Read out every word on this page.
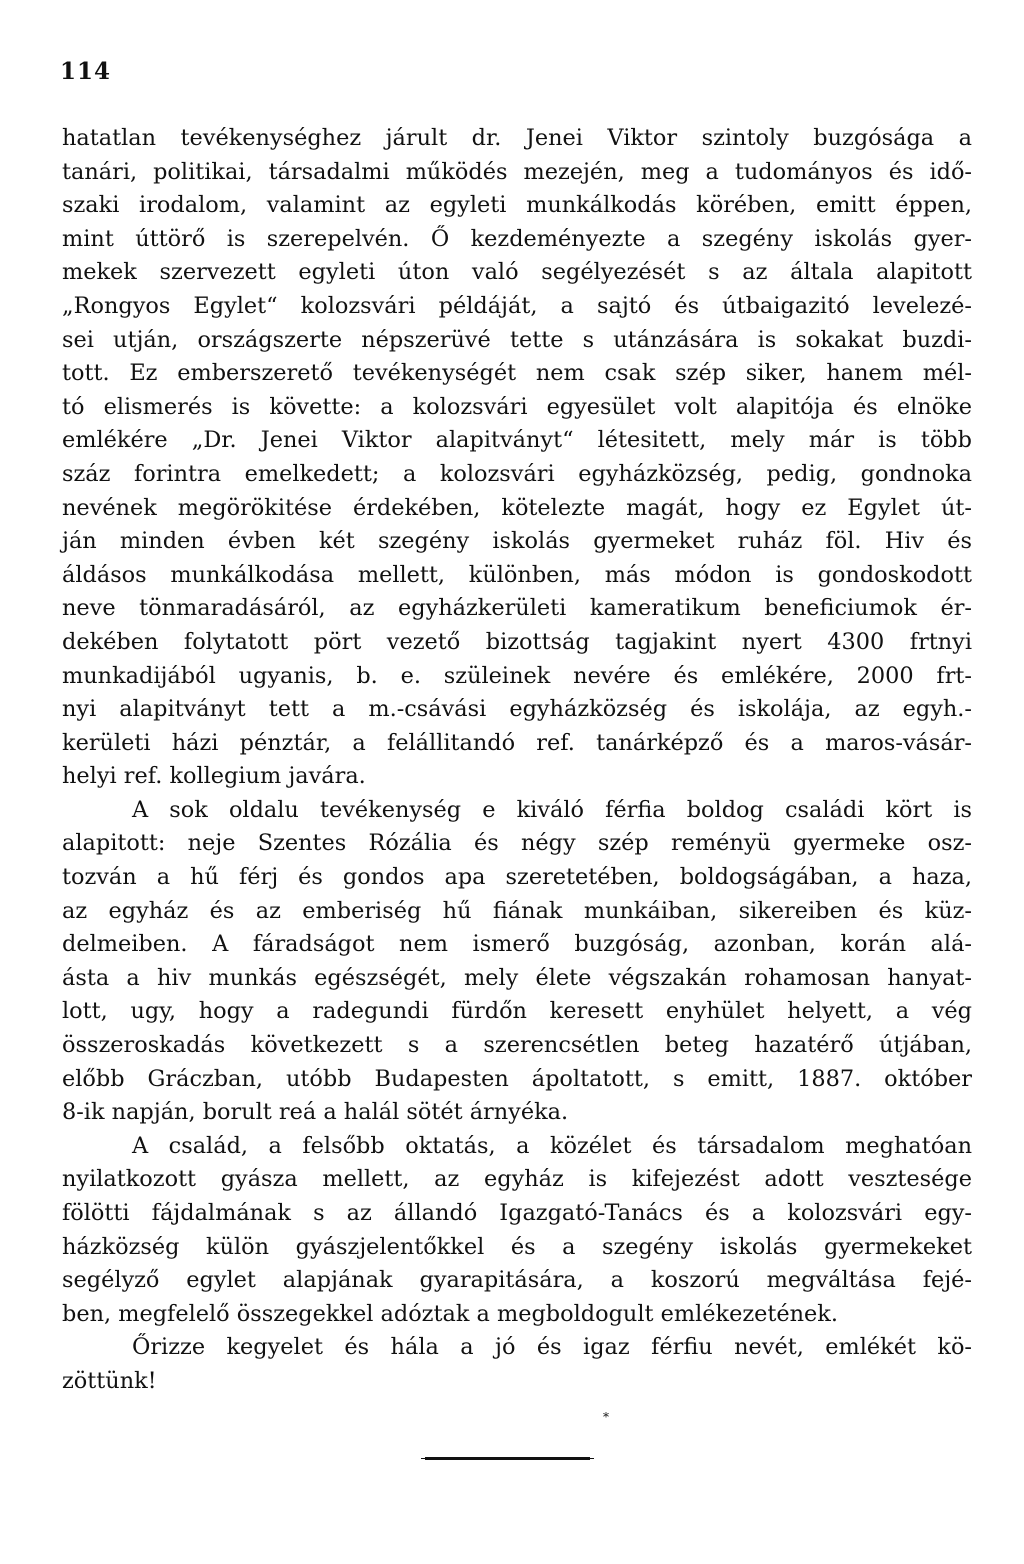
114
hatatlan tevékenységhez járult dr. Jenei Viktor szintoly buzgósága a
tanári, politikai, társadalmi működés mezején, meg a tudományos és idő-
szaki irodalom, valamint az egyleti munkálkodás körében, emitt éppen,
mint úttörő is szerepelvén. Ő kezdeményezte a szegény iskolás gyer-
mekek szervezett egyleti úton való segélyezését s az általa alapitott
„Rongyos Egylet“ kolozsvári példáját, a sajtó és útbaigazitó levelezé-
sei utján, országszerte népszerüvé tette s utánzására is sokakat buzdi-
tott. Ez emberszerető tevékenységét nem csak szép siker, hanem mél-
tó elismerés is követte: a kolozsvári egyesület volt alapitója és elnöke
emlékére „Dr. Jenei Viktor alapitványt“ létesitett, mely már is több
száz forintra emelkedett; a kolozsvári egyházközség, pedig, gondnoka
nevének megörökitése érdekében, kötelezte magát, hogy ez Egylet út-
ján minden évben két szegény iskolás gyermeket ruház föl. Hiv és
áldásos munkálkodása mellett, különben, más módon is gondoskodott
neve tönmaradásáról, az egyházkerületi kameratikum beneficiumok ér-
dekében folytatott pört vezető bizottság tagjakint nyert 4300 frtnyi
munkadijából ugyanis, b. e. szüleinek nevére és emlékére, 2000 frt-
nyi alapitványt tett a m.-csávási egyházközség és iskolája, az egyh.-
kerületi házi pénztár, a felállitandó ref. tanárképző és a maros-vásár-
helyi ref. kollegium javára.
A sok oldalu tevékenység e kiváló férfia boldog családi kört is
alapitott: neje Szentes Rózália és négy szép reményü gyermeke osz-
tozván a hű férj és gondos apa szeretetében, boldogságában, a haza,
az egyház és az emberiség hű fiának munkáiban, sikereiben és küz-
delmeiben. A fáradságot nem ismerő buzgóság, azonban, korán alá-
ásta a hiv munkás egészségét, mely élete végszakán rohamosan hanyat-
lott, ugy, hogy a radegundi fürdőn keresett enyhület helyett, a vég
összeroskadás következett s a szerencsétlen beteg hazatérő útjában,
előbb Gráczban, utóbb Budapesten ápoltatott, s emitt, 1887. október
8-ik napján, borult reá a halál sötét árnyéka.
A család, a felsőbb oktatás, a közélet és társadalom meghatóan
nyilatkozott gyásza mellett, az egyház is kifejezést adott vesztesége
fölötti fájdalmának s az állandó Igazgató-Tanács és a kolozsvári egy-
házközség külön gyászjelentőkkel és a szegény iskolás gyermekeket
segélyző egylet alapjának gyarapitására, a koszorú megváltása fejé-
ben, megfelelő összegekkel adóztak a megboldogult emlékezetének.
Őrizze kegyelet és hála a jó és igaz férfiu nevét, emlékét kö-
zöttünk!
*
